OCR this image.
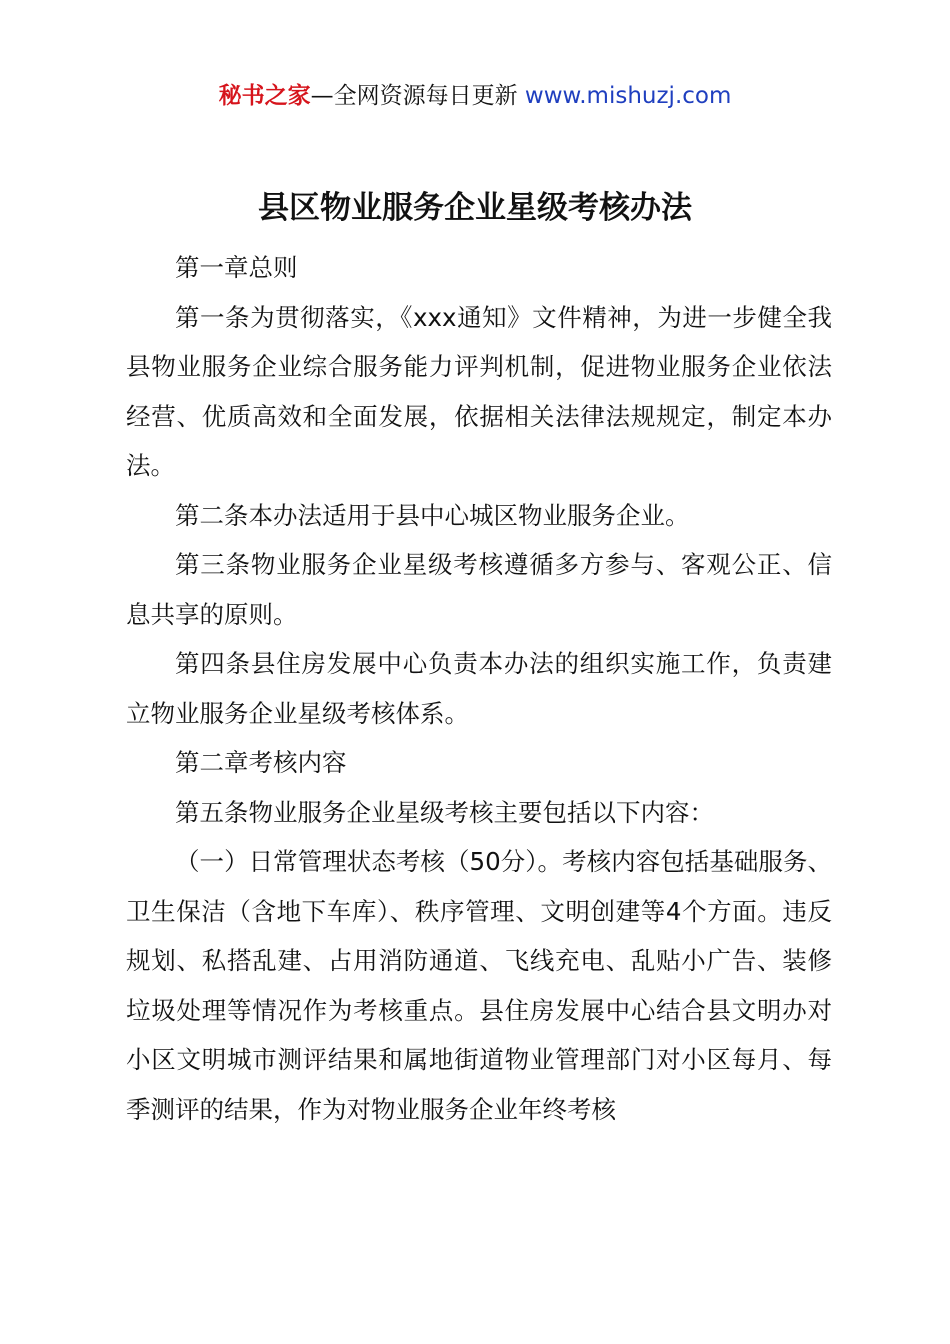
秘书之家—全网资源每日更新 www.mishuzj.com
县区物业服务企业星级考核办法

第一章总则

第一条为贯彻落实，《xxx通知》文件精神，为进一步健全我县物业服务企业综合服务能力评判机制，促进物业服务企业依法经营、优质高效和全面发展，依据相关法律法规规定，制定本办法。

第二条本办法适用于县中心城区物业服务企业。

第三条物业服务企业星级考核遵循多方参与、客观公正、信息共享的原则。

第四条县住房发展中心负责本办法的组织实施工作，负责建立物业服务企业星级考核体系。

第二章考核内容

第五条物业服务企业星级考核主要包括以下内容：

（一）日常管理状态考核（50分）。考核内容包括基础服务、卫生保洁（含地下车库）、秩序管理、文明创建等4个方面。违反规划、私搭乱建、占用消防通道、飞线充电、乱贴小广告、装修垃圾处理等情况作为考核重点。县住房发展中心结合县文明办对小区文明城市测评结果和属地街道物业管理部门对小区每月、每季测评的结果，作为对物业服务企业年终考核
